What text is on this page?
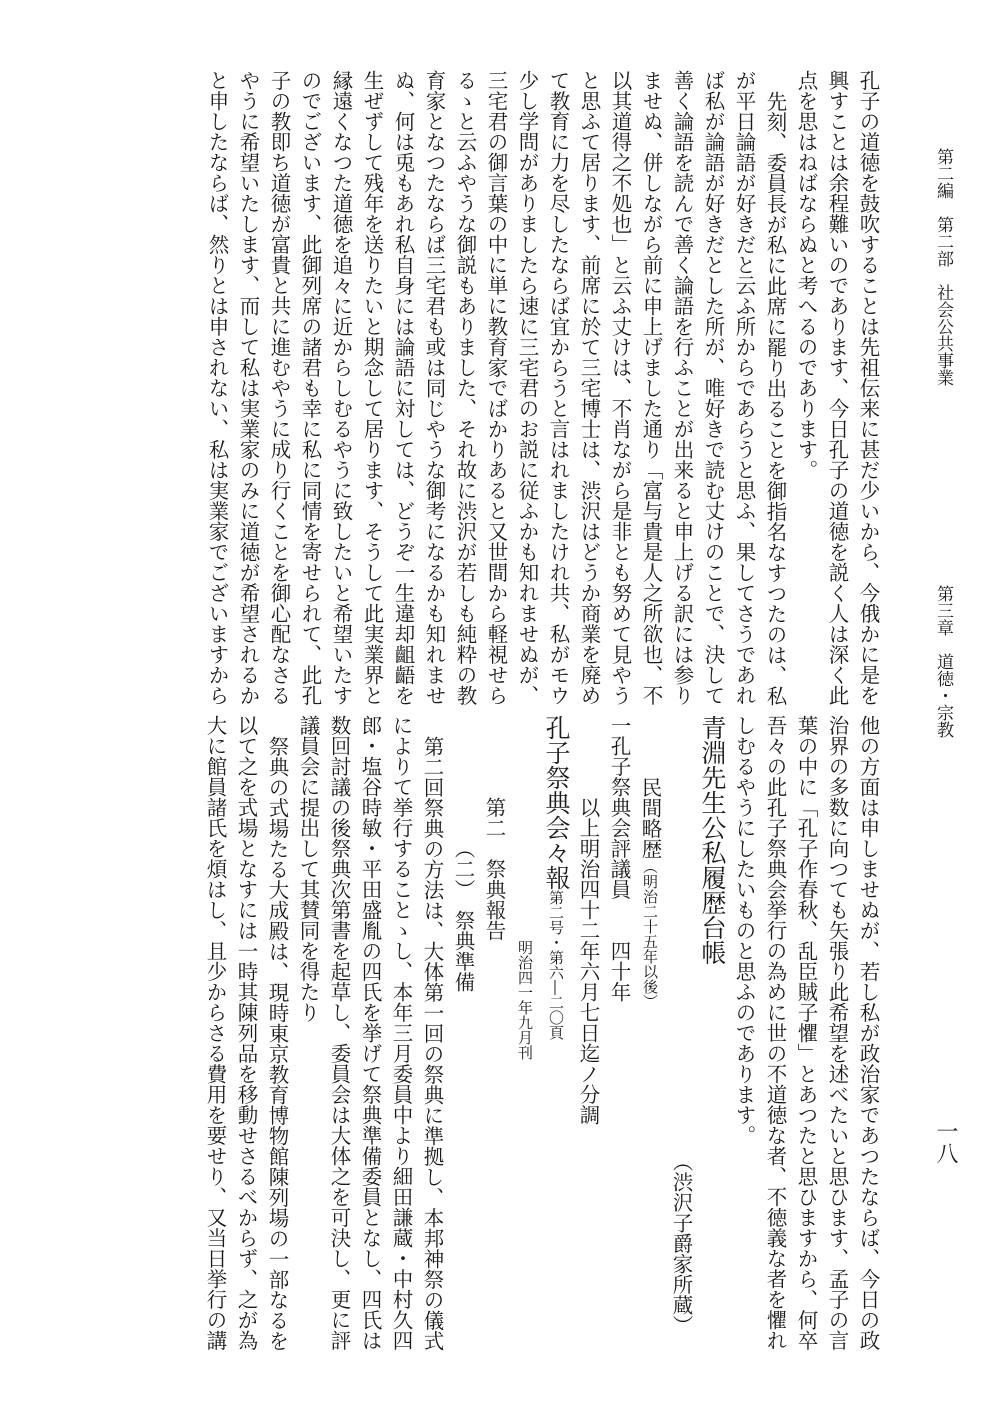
第二編　第二部　社会公共事業
第三章　道徳・宗教
一八
孔子の道徳を鼓吹することは先祖伝来に甚だ少いから、今俄かに是を
興すことは余程難いのであります、今日孔子の道徳を説く人は深く此
点を思はねばならぬと考へるのであります。
先刻、委員長が私に此席に罷り出ることを御指名なすつたのは、私
が平日論語が好きだと云ふ所からであらうと思ふ、果してさうであれ
ば私が論語が好きだとした所が、唯好きで読む丈けのことで、決して
善く論語を読んで善く論語を行ふことが出来ると申上げる訳には参り
ませぬ、併しながら前に申上げました通り「富与貴是人之所欲也、不
以其道得之不処也」と云ふ丈けは、不肖ながら是非とも努めて見やう
と思ふて居ります、前席に於て三宅博士は、渋沢はどうか商業を廃め
て教育に力を尽したならば宜からうと言はれましたけれ共、私がモウ
少し学問がありましたら速に三宅君のお説に従ふかも知れませぬが、
三宅君の御言葉の中に単に教育家でばかりあると又世間から軽視せら
るゝと云ふやうな御説もありました、それ故に渋沢が若しも純粋の教
育家となつたならば三宅君も或は同じやうな御考になるかも知れませ
ぬ、何は兎もあれ私自身には論語に対しては、どうぞ一生違却齟齬を
生ぜずして残年を送りたいと期念して居ります、そうして此実業界と
縁遠くなつた道徳を追々に近からしむるやうに致したいと希望いたす
のでございます、此御列席の諸君も幸に私に同情を寄せられて、此孔
子の教即ち道徳が富貴と共に進むやうに成り行くことを御心配なさる
やうに希望いたします、而して私は実業家のみに道徳が希望されるか
と申したならば、然りとは申されない、私は実業家でございますから
他の方面は申しませぬが、若し私が政治家であつたならば、今日の政
治界の多数に向つても矢張り此希望を述べたいと思ひます、孟子の言
葉の中に「孔子作春秋、乱臣賊子懼」とあつたと思ひますから、何卒
吾々の此孔子祭典会挙行の為めに世の不道徳な者、不徳義な者を懼れ
しむるやうにしたいものと思ふのであります。
青淵先生公私履歴台帳
（渋沢子爵家所蔵）
民間略歴（明治二十五年以後）
一孔子祭典会評議員　　四十年
以上明治四十二年六月七日迄ノ分調
孔子祭典会々報第二号・第六―二〇頁
明治四一年九月刊
第二　祭典報告
（二）　祭典準備
第二回祭典の方法は、大体第一回の祭典に準拠し、本邦神祭の儀式
によりて挙行することゝし、本年三月委員中より細田謙蔵・中村久四
郎・塩谷時敏・平田盛胤の四氏を挙げて祭典準備委員となし、四氏は
数回討議の後祭典次第書を起草し、委員会は大体之を可決し、更に評
議員会に提出して其賛同を得たり
祭典の式場たる大成殿は、現時東京教育博物館陳列場の一部なるを
以て之を式場となすには一時其陳列品を移動せさるべからず、之が為
大に館員諸氏を煩はし、且少からさる費用を要せり、又当日挙行の講
